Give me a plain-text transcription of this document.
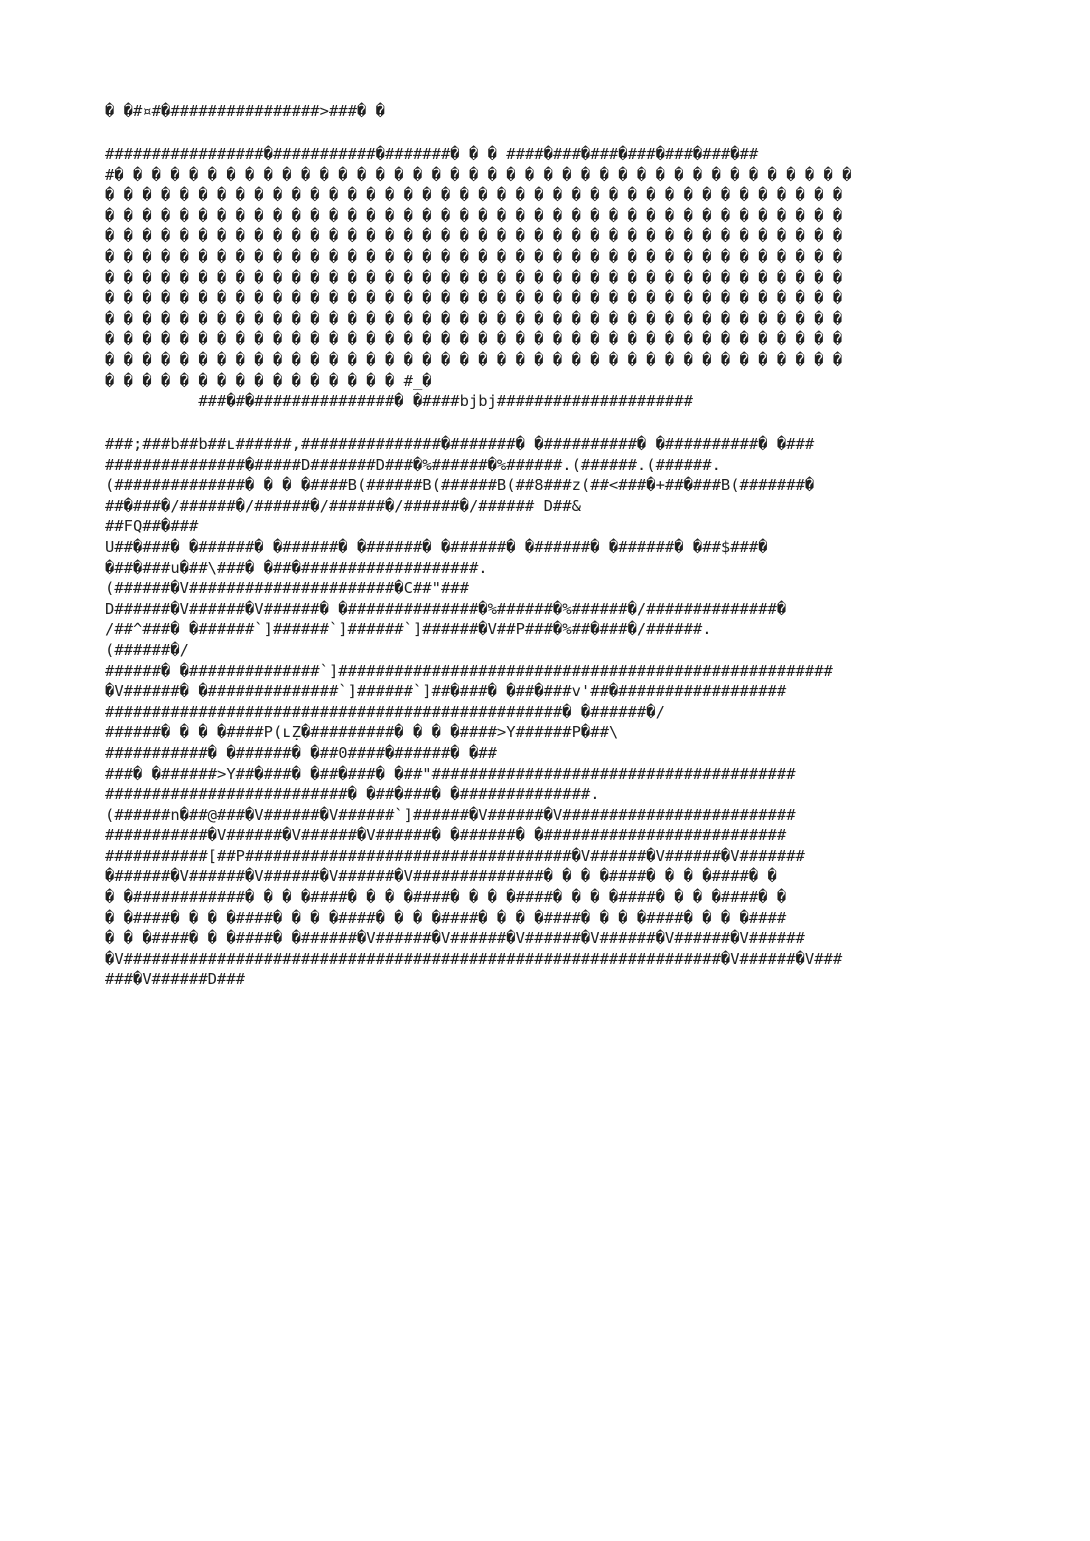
� �#¤#�################>###� �
#################�###########�#######� � � ####�###�###�###�###�###�##
#� � � � � � � � � � � � � � � � � � � � � � � � � � � � � � � � � � � � � � � �
� � � � � � � � � � � � � � � � � � � � � � � � � � � � � � � � � � � � � � � �
� � � � � � � � � � � � � � � � � � � � � � � � � � � � � � � � � � � � � � � �
� � � � � � � � � � � � � � � � � � � � � � � � � � � � � � � � � � � � � � � �
� � � � � � � � � � � � � � � � � � � � � � � � � � � � � � � � � � � � � � � �
� � � � � � � � � � � � � � � � � � � � � � � � � � � � � � � � � � � � � � � �
� � � � � � � � � � � � � � � � � � � � � � � � � � � � � � � � � � � � � � � �
� � � � � � � � � � � � � � � � � � � � � � � � � � � � � � � � � � � � � � � �
� � � � � � � � � � � � � � � � � � � � � � � � � � � � � � � � � � � � � � � �
� � � � � � � � � � � � � � � � � � � � � � � � � � � � � � � � � � � � � � � �
� � � � � � � � � � � � � � � � #_�
###�#�###############� �####bjbj#####################
###;###b##b##ʟ######,###############�#######� �##########� �##########� �###
###############�#####D#######D###�%######�%######.(######.(######.
(##############� � � �####B(######B(######B(##8###z(##<###�+##�###B(#######�
##�###�/######�/######�/######�/######�/###### D##&
##FQ##�###
U##�###� �######� �######� �######� �######� �######� �######� �##$###�
�##�###u�##\###� �##�###################.
(######�V######################�C##"###
D######�V######�V######� �##############�%######�%######�/##############�
/##^###� �######`]######`]######`]######�V##P###�%##�###�/######.
(######�/
######� �##############`]#####################################################
�V######� �##############`]######`]##�###� �##�###v'##�##################
#################################################� �######�/
######� � � �####P(ʟẒ�#########� � � �####>Y######P�##\
###########� �######� �##0####�######� �##
###� �######>Y##�###� �##�###� �##"#######################################
##########################� �##�###� �##############.
(######n�##@###�V######�V######`]######�V######�V#########################
###########�V######�V######�V######� �######� �##########################
###########[##P###################################�V######�V######�V#######
�######�V######�V######�V######�V##############� � � �####� � � �####� �
� �############� � � �####� � � �####� � � �####� � � �####� � � �####� �
� �####� � � �####� � � �####� � � �####� � � �####� � � �####� � � �####
� � �####� � �####� �######�V######�V######�V######�V######�V######�V######
�V################################################################�V######�V###
###�V######D###
